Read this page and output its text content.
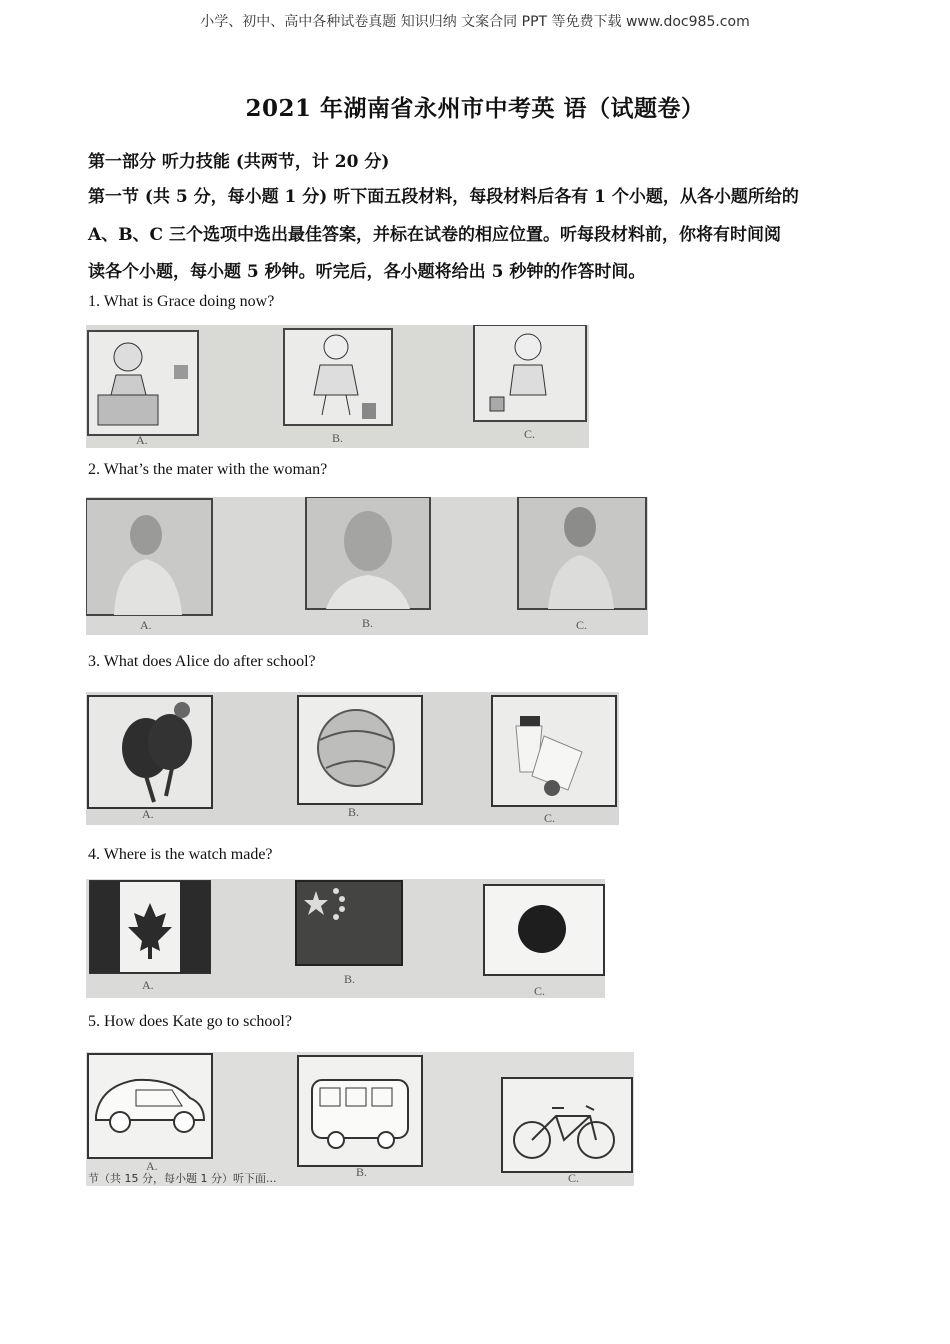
小学、初中、高中各种试卷真题 知识归纳 文案合同 PPT 等免费下载 www.doc985.com
2021 年湖南省永州市中考英 语（试题卷）
第一部分 听力技能 (共两节，计 20 分)
第一节 (共 5 分，每小题 1 分) 听下面五段材料，每段材料后各有 1 个小题，从各小题所给的
A、B、C 三个选项中选出最佳答案，并标在试卷的相应位置。听每段材料前，你将有时间阅
读各个小题，每小题 5 秒钟。听完后，各小题将给出 5 秒钟的作答时间。
1. What is Grace doing now?
A.	B.	C.
2. What’s the mater with the woman?
A.	B.	C.
3. What does Alice do after school?
A.	B.	C.
4. Where is the watch made?
A.	B.
C.
5. How does Kate go to school?
A.	B.	C.
节（共 15 分，每小题 1 分）听下面...
